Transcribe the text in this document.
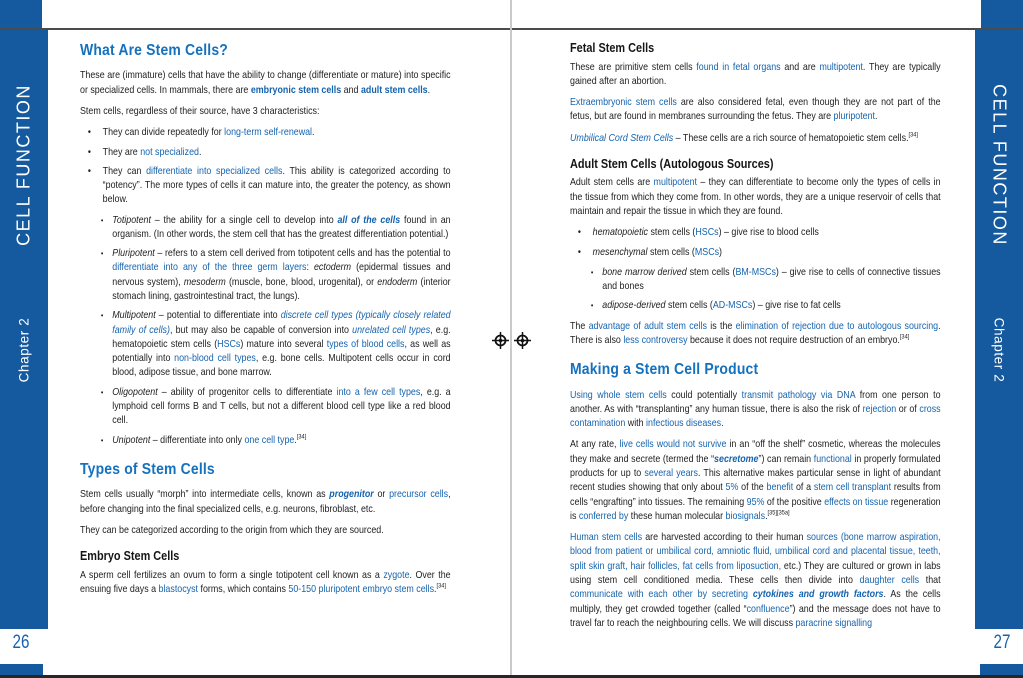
CELL FUNCTION
Chapter 2
CELL FUNCTION
Chapter 2
What Are Stem Cells?
These are (immature) cells that have the ability to change (differentiate or mature) into specific or specialized cells. In mammals, there are embryonic stem cells and adult stem cells.
Stem cells, regardless of their source, have 3 characteristics:
•	They can divide repeatedly for long-term self-renewal.
•	They are not specialized.
•	They can differentiate into specialized cells. This ability is categorized according to “potency”. The more types of cells it can mature into, the greater the potency, as shown below.
• Totipotent – the ability for a single cell to develop into all of the cells found in an organism. (In other words, the stem cell that has the greatest differentiation potential.)
• Pluripotent – refers to a stem cell derived from totipotent cells and has the potential to differentiate into any of the three germ layers: ectoderm (epidermal tissues and nervous system), mesoderm (muscle, bone, blood, urogenital), or endoderm (interior stomach lining, gastrointestinal tract, the lungs).
• Multipotent – potential to differentiate into discrete cell types (typically closely related family of cells), but may also be capable of conversion into unrelated cell types, e.g. hematopoietic stem cells (HSCs) mature into several types of blood cells, as well as potentially into non-blood cell types, e.g. bone cells. Multipotent cells occur in cord blood, adipose tissue, and bone marrow.
• Oligopotent – ability of progenitor cells to differentiate into a few cell types, e.g. a lymphoid cell forms B and T cells, but not a different blood cell type like a red blood cell.
• Unipotent – differentiate into only one cell type.[34]
Types of Stem Cells
Stem cells usually “morph” into intermediate cells, known as progenitor or precursor cells, before changing into the final specialized cells, e.g. neurons, fibroblast, etc.
They can be categorized according to the origin from which they are sourced.
Embryo Stem Cells
A sperm cell fertilizes an ovum to form a single totipotent cell known as a zygote. Over the ensuing five days a blastocyst forms, which contains 50-150 pluripotent embryo stem cells.[34]
Fetal Stem Cells
These are primitive stem cells found in fetal organs and are multipotent. They are typically gained after an abortion.
Extraembryonic stem cells are also considered fetal, even though they are not part of the fetus, but are found in membranes surrounding the fetus. They are pluripotent.
Umbilical Cord Stem Cells – These cells are a rich source of hematopoietic stem cells.[34]
Adult Stem Cells (Autologous Sources)
Adult stem cells are multipotent – they can differentiate to become only the types of cells in the tissue from which they come from. In other words, they are a unique reservoir of cells that maintain and repair the tissue in which they are found.
•	hematopoietic stem cells (HSCs) – give rise to blood cells
•	mesenchymal stem cells (MSCs)
• bone marrow derived stem cells (BM-MSCs) – give rise to cells of connective tissues and bones
• adipose-derived stem cells (AD-MSCs) – give rise to fat cells
The advantage of adult stem cells is the elimination of rejection due to autologous sourcing. There is also less controversy because it does not require destruction of an embryo.[34]
Making a Stem Cell Product
Using whole stem cells could potentially transmit pathology via DNA from one person to another. As with “transplanting” any human tissue, there is also the risk of rejection or of cross contamination with infectious diseases.
At any rate, live cells would not survive in an “off the shelf” cosmetic, whereas the molecules they make and secrete (termed the “secretome”) can remain functional in properly formulated products for up to several years. This alternative makes particular sense in light of abundant recent studies showing that only about 5% of the benefit of a stem cell transplant results from cells “engrafting” into tissues. The remaining 95% of the positive effects on tissue regeneration is conferred by these human molecular biosignals.[35][35a]
Human stem cells are harvested according to their human sources (bone marrow aspiration, blood from patient or umbilical cord, amniotic fluid, umbilical cord and placental tissue, teeth, split skin graft, hair follicles, fat cells from liposuction, etc.) They are cultured or grown in labs using stem cell conditioned media. These cells then divide into daughter cells that communicate with each other by secreting cytokines and growth factors. As the cells multiply, they get crowded together (called “confluence”) and the message does not have to travel far to reach the neighbouring cells. We will discuss paracrine signalling
26	27
